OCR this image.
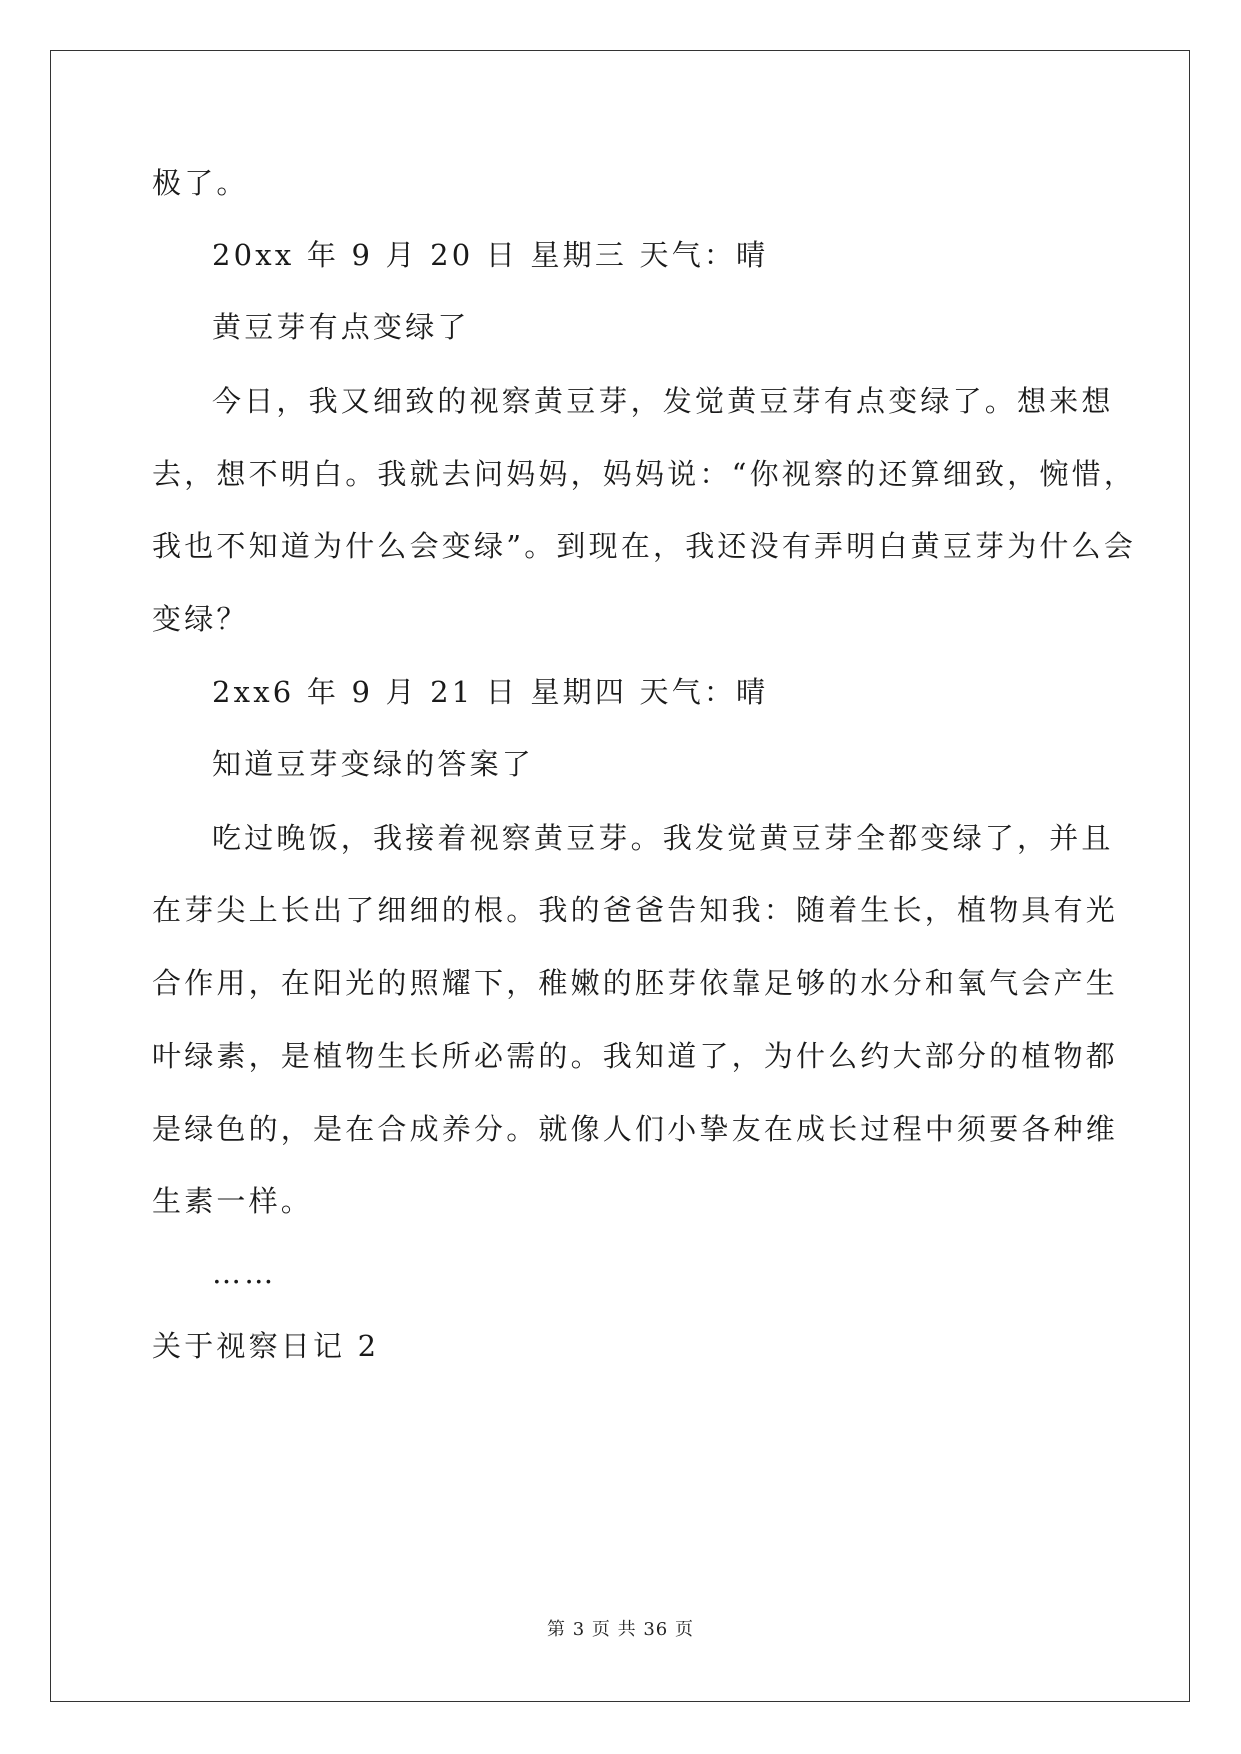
极了。
20xx 年 9 月 20 日 星期三 天气：晴
黄豆芽有点变绿了
今日，我又细致的视察黄豆芽，发觉黄豆芽有点变绿了。想来想
去，想不明白。我就去问妈妈，妈妈说：“你视察的还算细致，惋惜，
我也不知道为什么会变绿”。到现在，我还没有弄明白黄豆芽为什么会
变绿？
2xx6 年 9 月 21 日 星期四 天气：晴
知道豆芽变绿的答案了
吃过晚饭，我接着视察黄豆芽。我发觉黄豆芽全都变绿了，并且
在芽尖上长出了细细的根。我的爸爸告知我：随着生长，植物具有光
合作用，在阳光的照耀下，稚嫩的胚芽依靠足够的水分和氧气会产生
叶绿素，是植物生长所必需的。我知道了，为什么约大部分的植物都
是绿色的，是在合成养分。就像人们小挚友在成长过程中须要各种维
生素一样。
……
关于视察日记 2
第 3 页 共 36 页
